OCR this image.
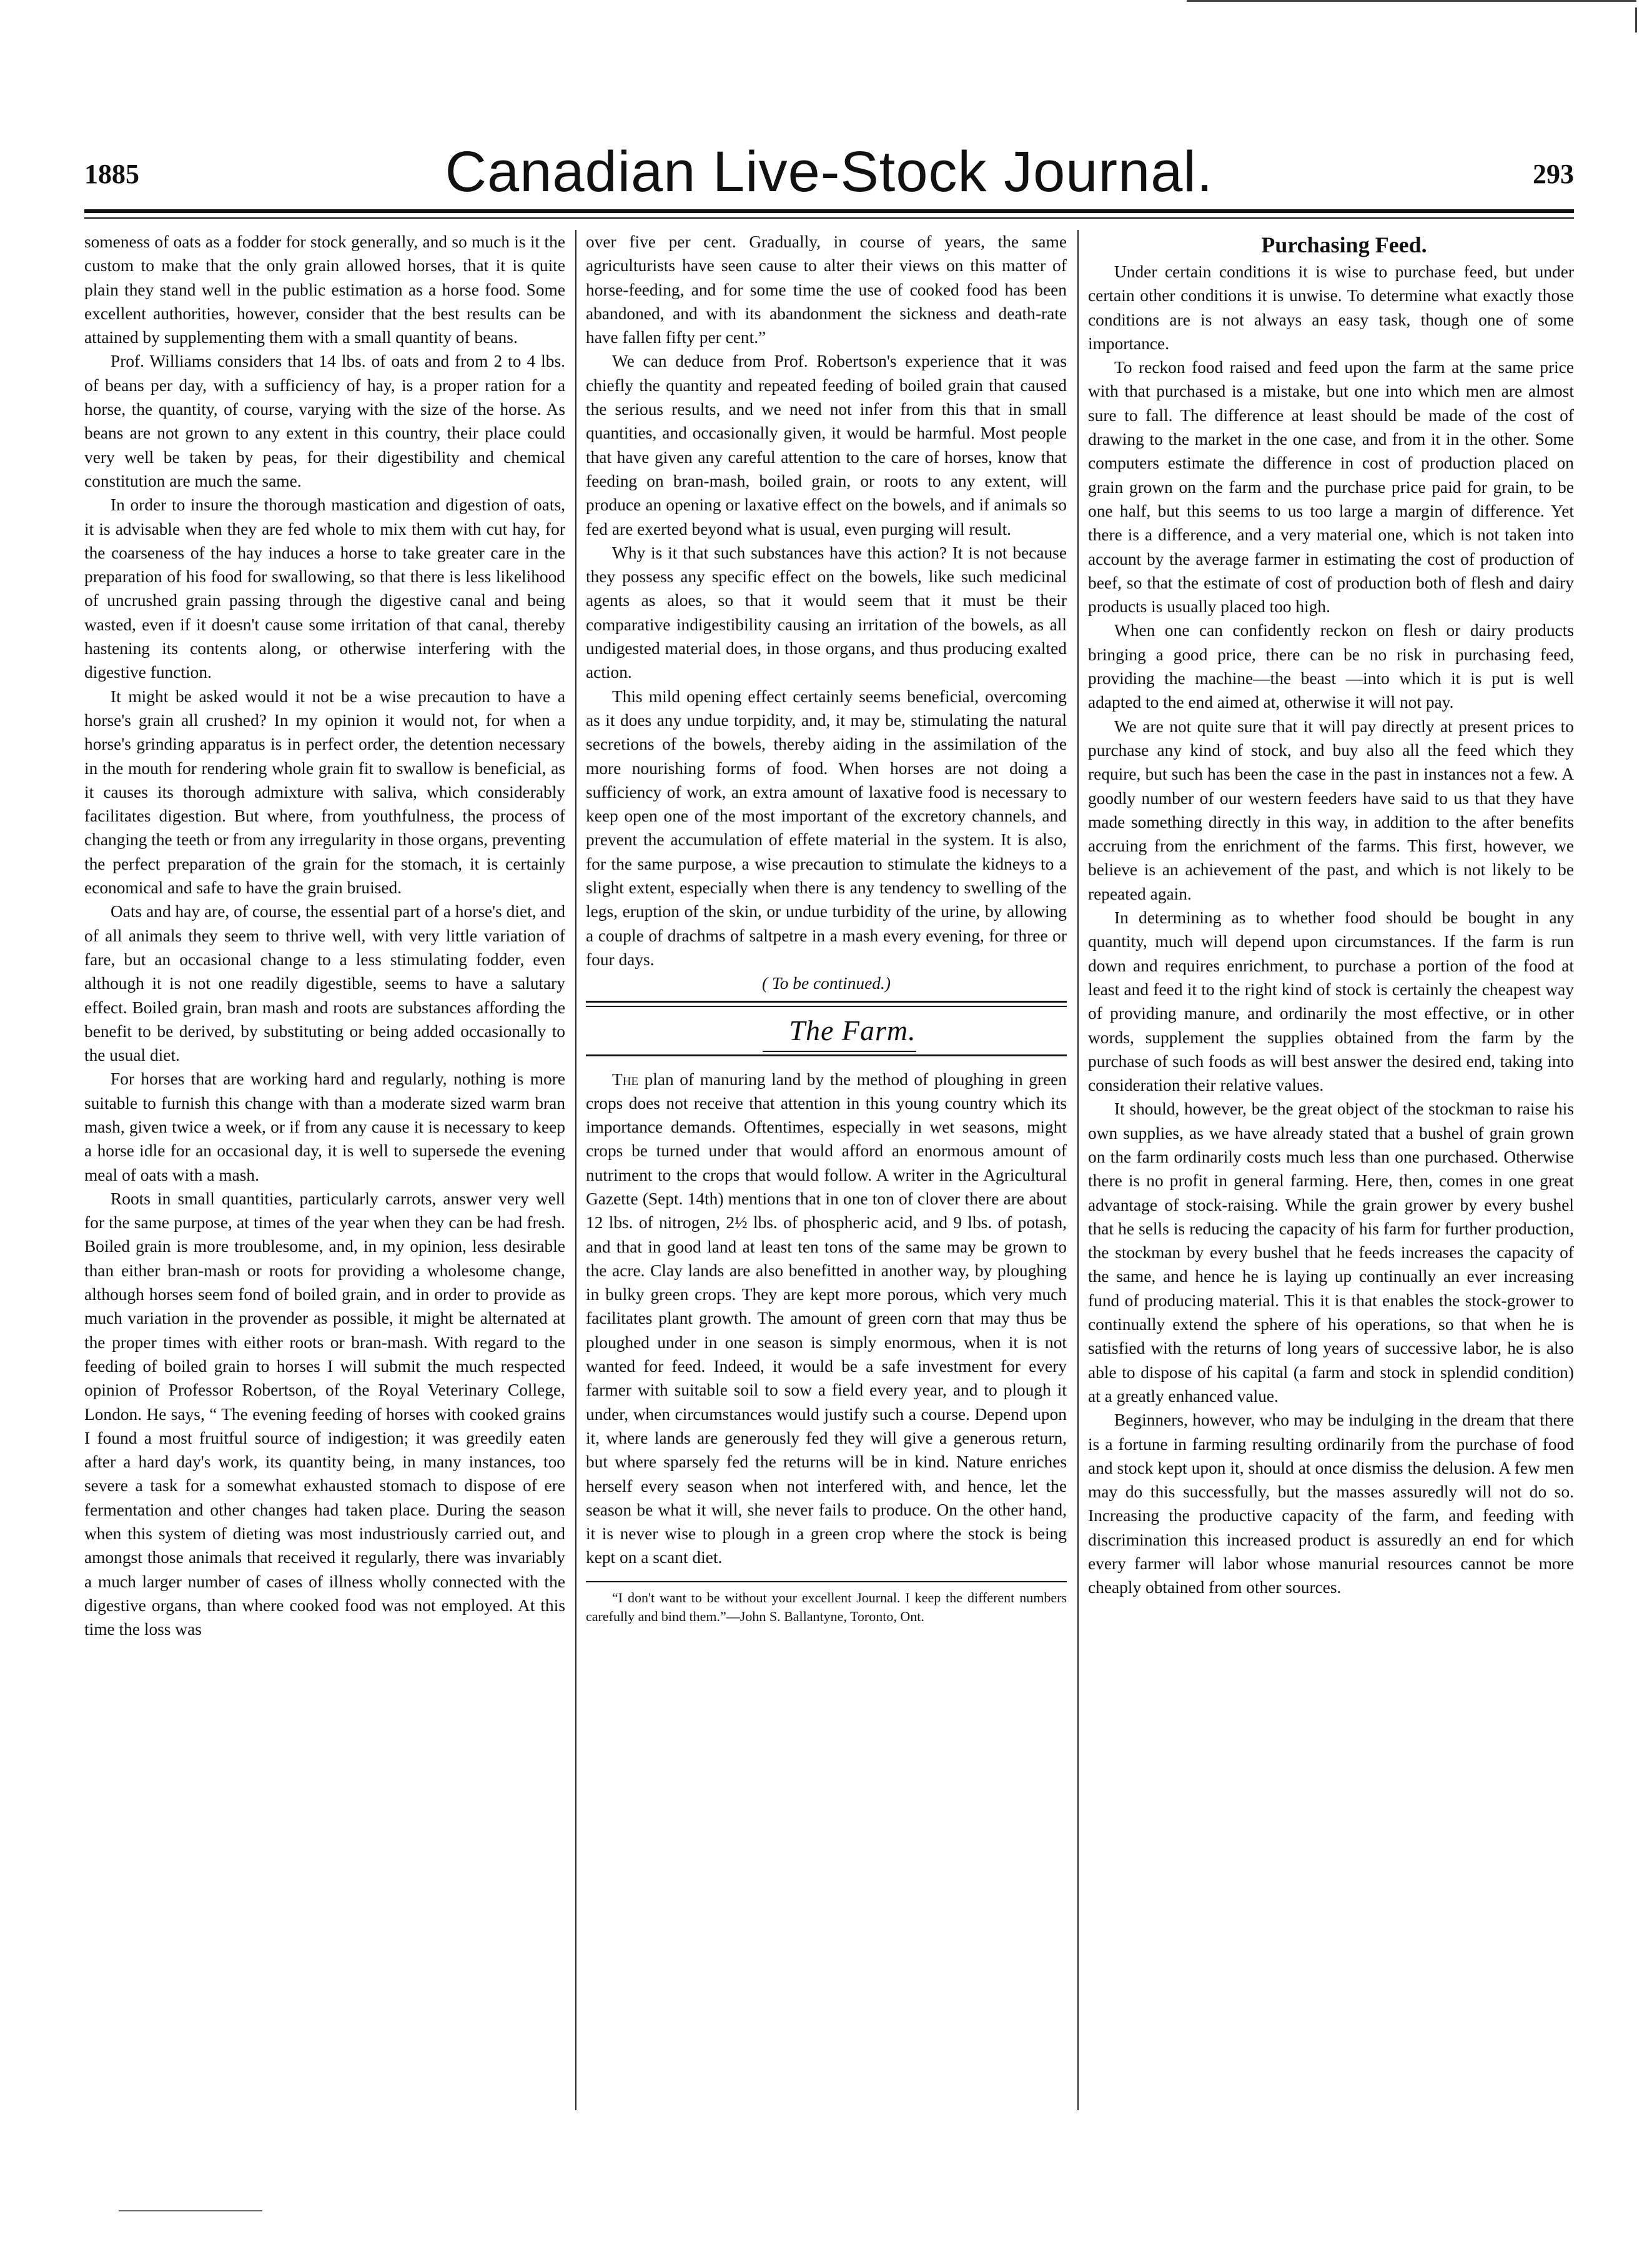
1885	Canadian Live-Stock Journal.	293

someness of oats as a fodder for stock generally, and so much is it the custom to make that the only grain allowed horses, that it is quite plain they stand well in the public estimation as a horse food. Some excellent authorities, however, consider that the best results can be attained by supplementing them with a small quantity of beans.

Prof. Williams considers that 14 lbs. of oats and from 2 to 4 lbs. of beans per day, with a sufficiency of hay, is a proper ration for a horse, the quantity, of course, varying with the size of the horse. As beans are not grown to any extent in this country, their place could very well be taken by peas, for their digestibility and chemical constitution are much the same.

In order to insure the thorough mastication and digestion of oats, it is advisable when they are fed whole to mix them with cut hay, for the coarseness of the hay induces a horse to take greater care in the preparation of his food for swallowing, so that there is less likelihood of uncrushed grain passing through the digestive canal and being wasted, even if it doesn't cause some irritation of that canal, thereby hastening its contents along, or otherwise interfering with the digestive function.

It might be asked would it not be a wise precaution to have a horse's grain all crushed? In my opinion it would not, for when a horse's grinding apparatus is in perfect order, the detention necessary in the mouth for rendering whole grain fit to swallow is beneficial, as it causes its thorough admixture with saliva, which considerably facilitates digestion. But where, from youthfulness, the process of changing the teeth or from any irregularity in those organs, preventing the perfect preparation of the grain for the stomach, it is certainly economical and safe to have the grain bruised.

Oats and hay are, of course, the essential part of a horse's diet, and of all animals they seem to thrive well, with very little variation of fare, but an occasional change to a less stimulating fodder, even although it is not one readily digestible, seems to have a salutary effect. Boiled grain, bran mash and roots are substances affording the benefit to be derived, by substituting or being added occasionally to the usual diet.

For horses that are working hard and regularly, nothing is more suitable to furnish this change with than a moderate sized warm bran mash, given twice a week, or if from any cause it is necessary to keep a horse idle for an occasional day, it is well to supersede the evening meal of oats with a mash.

Roots in small quantities, particularly carrots, answer very well for the same purpose, at times of the year when they can be had fresh. Boiled grain is more troublesome, and, in my opinion, less desirable than either bran-mash or roots for providing a wholesome change, although horses seem fond of boiled grain, and in order to provide as much variation in the provender as possible, it might be alternated at the proper times with either roots or bran-mash. With regard to the feeding of boiled grain to horses I will submit the much respected opinion of Professor Robertson, of the Royal Veterinary College, London. He says, “ The evening feeding of horses with cooked grains I found a most fruitful source of indigestion; it was greedily eaten after a hard day's work, its quantity being, in many instances, too severe a task for a somewhat exhausted stomach to dispose of ere fermentation and other changes had taken place. During the season when this system of dieting was most industriously carried out, and amongst those animals that received it regularly, there was invariably a much larger number of cases of illness wholly connected with the digestive organs, than where cooked food was not employed. At this time the loss was

over five per cent. Gradually, in course of years, the same agriculturists have seen cause to alter their views on this matter of horse-feeding, and for some time the use of cooked food has been abandoned, and with its abandonment the sickness and death-rate have fallen fifty per cent.”

We can deduce from Prof. Robertson's experience that it was chiefly the quantity and repeated feeding of boiled grain that caused the serious results, and we need not infer from this that in small quantities, and occasionally given, it would be harmful. Most people that have given any careful attention to the care of horses, know that feeding on bran-mash, boiled grain, or roots to any extent, will produce an opening or laxative effect on the bowels, and if animals so fed are exerted beyond what is usual, even purging will result.

Why is it that such substances have this action? It is not because they possess any specific effect on the bowels, like such medicinal agents as aloes, so that it would seem that it must be their comparative indigestibility causing an irritation of the bowels, as all undigested material does, in those organs, and thus producing exalted action.

This mild opening effect certainly seems beneficial, overcoming as it does any undue torpidity, and, it may be, stimulating the natural secretions of the bowels, thereby aiding in the assimilation of the more nourishing forms of food. When horses are not doing a sufficiency of work, an extra amount of laxative food is necessary to keep open one of the most important of the excretory channels, and prevent the accumulation of effete material in the system. It is also, for the same purpose, a wise precaution to stimulate the kidneys to a slight extent, especially when there is any tendency to swelling of the legs, eruption of the skin, or undue turbidity of the urine, by allowing a couple of drachms of saltpetre in a mash every evening, for three or four days.

( To be continued.)

The Farm.

The plan of manuring land by the method of ploughing in green crops does not receive that attention in this young country which its importance demands. Oftentimes, especially in wet seasons, might crops be turned under that would afford an enormous amount of nutriment to the crops that would follow. A writer in the Agricultural Gazette (Sept. 14th) mentions that in one ton of clover there are about 12 lbs. of nitrogen, 2½ lbs. of phospheric acid, and 9 lbs. of potash, and that in good land at least ten tons of the same may be grown to the acre. Clay lands are also benefitted in another way, by ploughing in bulky green crops. They are kept more porous, which very much facilitates plant growth. The amount of green corn that may thus be ploughed under in one season is simply enormous, when it is not wanted for feed. Indeed, it would be a safe investment for every farmer with suitable soil to sow a field every year, and to plough it under, when circumstances would justify such a course. Depend upon it, where lands are generously fed they will give a generous return, but where sparsely fed the returns will be in kind. Nature enriches herself every season when not interfered with, and hence, let the season be what it will, she never fails to produce. On the other hand, it is never wise to plough in a green crop where the stock is being kept on a scant diet.

“I don't want to be without your excellent Journal. I keep the different numbers carefully and bind them.”—John S. Ballantyne, Toronto, Ont.

Purchasing Feed.

Under certain conditions it is wise to purchase feed, but under certain other conditions it is unwise. To determine what exactly those conditions are is not always an easy task, though one of some importance.

To reckon food raised and feed upon the farm at the same price with that purchased is a mistake, but one into which men are almost sure to fall. The difference at least should be made of the cost of drawing to the market in the one case, and from it in the other. Some computers estimate the difference in cost of production placed on grain grown on the farm and the purchase price paid for grain, to be one half, but this seems to us too large a margin of difference. Yet there is a difference, and a very material one, which is not taken into account by the average farmer in estimating the cost of production of beef, so that the estimate of cost of production both of flesh and dairy products is usually placed too high.

When one can confidently reckon on flesh or dairy products bringing a good price, there can be no risk in purchasing feed, providing the machine—the beast —into which it is put is well adapted to the end aimed at, otherwise it will not pay.

We are not quite sure that it will pay directly at present prices to purchase any kind of stock, and buy also all the feed which they require, but such has been the case in the past in instances not a few. A goodly number of our western feeders have said to us that they have made something directly in this way, in addition to the after benefits accruing from the enrichment of the farms. This first, however, we believe is an achievement of the past, and which is not likely to be repeated again.

In determining as to whether food should be bought in any quantity, much will depend upon circumstances. If the farm is run down and requires enrichment, to purchase a portion of the food at least and feed it to the right kind of stock is certainly the cheapest way of providing manure, and ordinarily the most effective, or in other words, supplement the supplies obtained from the farm by the purchase of such foods as will best answer the desired end, taking into consideration their relative values.

It should, however, be the great object of the stockman to raise his own supplies, as we have already stated that a bushel of grain grown on the farm ordinarily costs much less than one purchased. Otherwise there is no profit in general farming. Here, then, comes in one great advantage of stock-raising. While the grain grower by every bushel that he sells is reducing the capacity of his farm for further production, the stockman by every bushel that he feeds increases the capacity of the same, and hence he is laying up continually an ever increasing fund of producing material. This it is that enables the stock-grower to continually extend the sphere of his operations, so that when he is satisfied with the returns of long years of successive labor, he is also able to dispose of his capital (a farm and stock in splendid condition) at a greatly enhanced value.

Beginners, however, who may be indulging in the dream that there is a fortune in farming resulting ordinarily from the purchase of food and stock kept upon it, should at once dismiss the delusion. A few men may do this successfully, but the masses assuredly will not do so. Increasing the productive capacity of the farm, and feeding with discrimination this increased product is assuredly an end for which every farmer will labor whose manurial resources cannot be more cheaply obtained from other sources.
